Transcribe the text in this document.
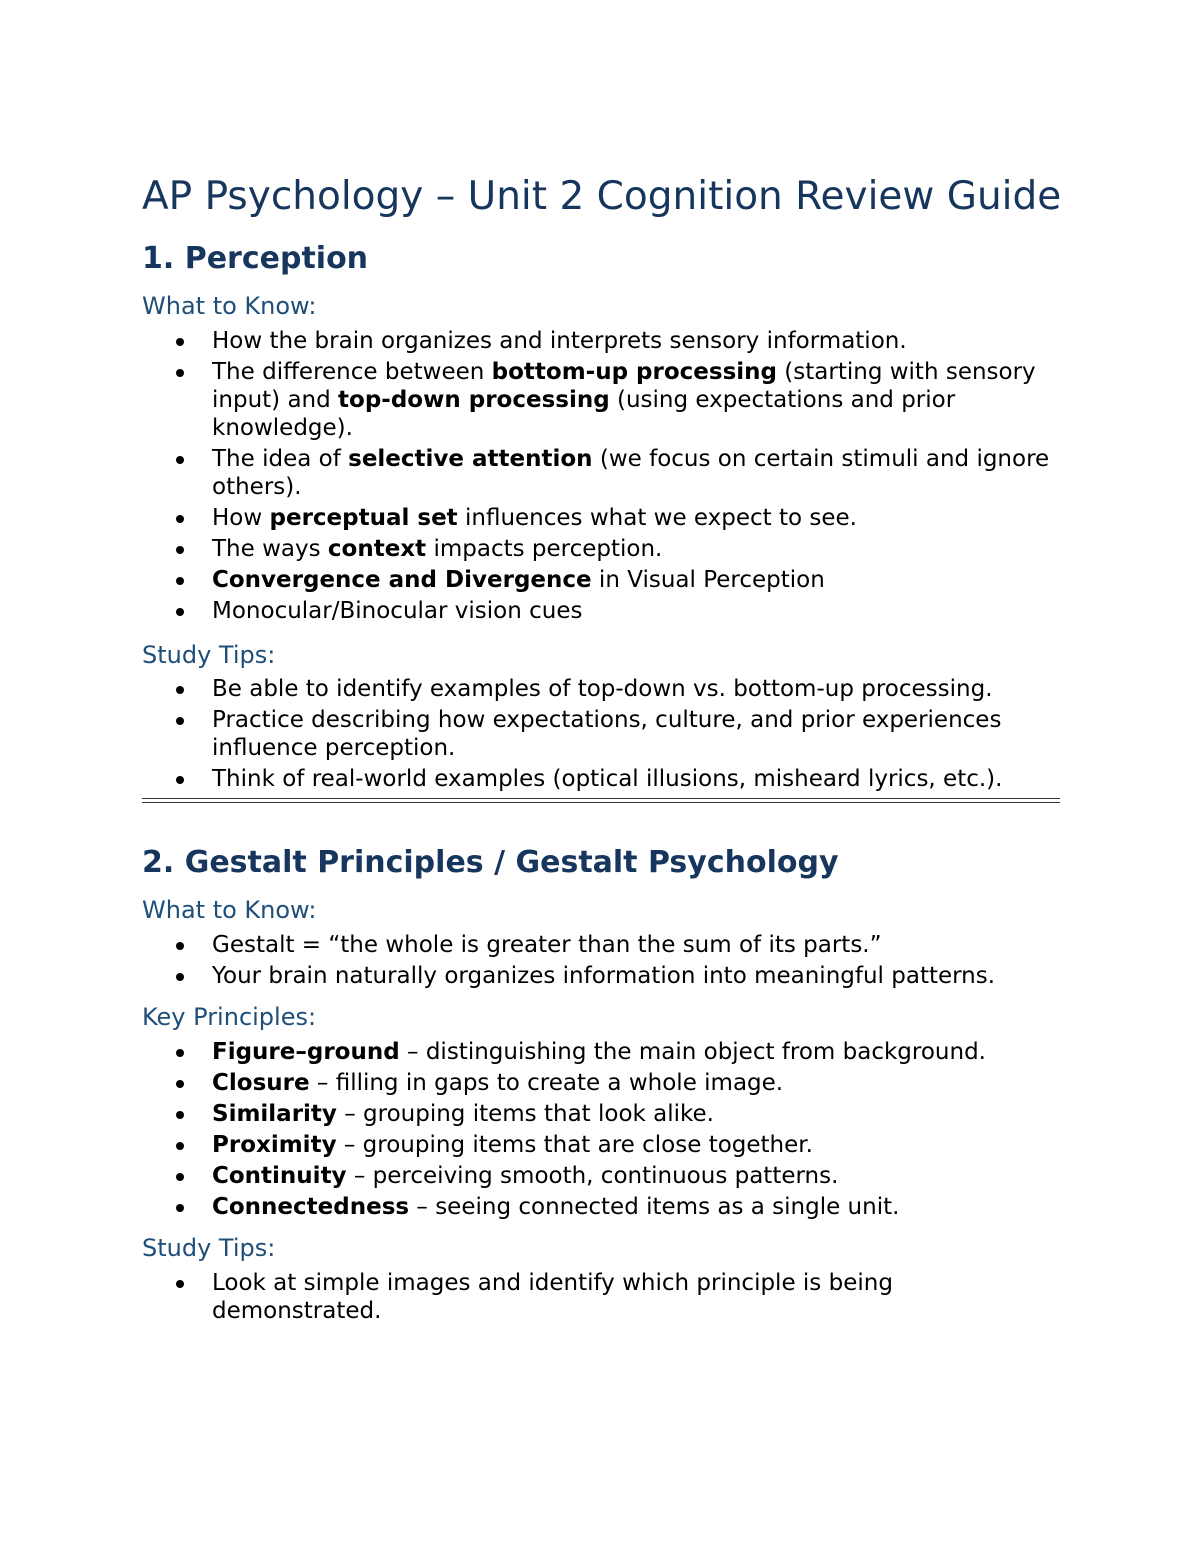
AP Psychology – Unit 2 Cognition Review Guide
1. Perception
What to Know:
How the brain organizes and interprets sensory information.
The difference between bottom-up processing (starting with sensory input) and top-down processing (using expectations and prior knowledge).
The idea of selective attention (we focus on certain stimuli and ignore others).
How perceptual set influences what we expect to see.
The ways context impacts perception.
Convergence and Divergence in Visual Perception
Monocular/Binocular vision cues
Study Tips:
Be able to identify examples of top-down vs. bottom-up processing.
Practice describing how expectations, culture, and prior experiences influence perception.
Think of real-world examples (optical illusions, misheard lyrics, etc.).
2. Gestalt Principles / Gestalt Psychology
What to Know:
Gestalt = “the whole is greater than the sum of its parts.”
Your brain naturally organizes information into meaningful patterns.
Key Principles:
Figure–ground – distinguishing the main object from background.
Closure – filling in gaps to create a whole image.
Similarity – grouping items that look alike.
Proximity – grouping items that are close together.
Continuity – perceiving smooth, continuous patterns.
Connectedness – seeing connected items as a single unit.
Study Tips:
Look at simple images and identify which principle is being demonstrated.
